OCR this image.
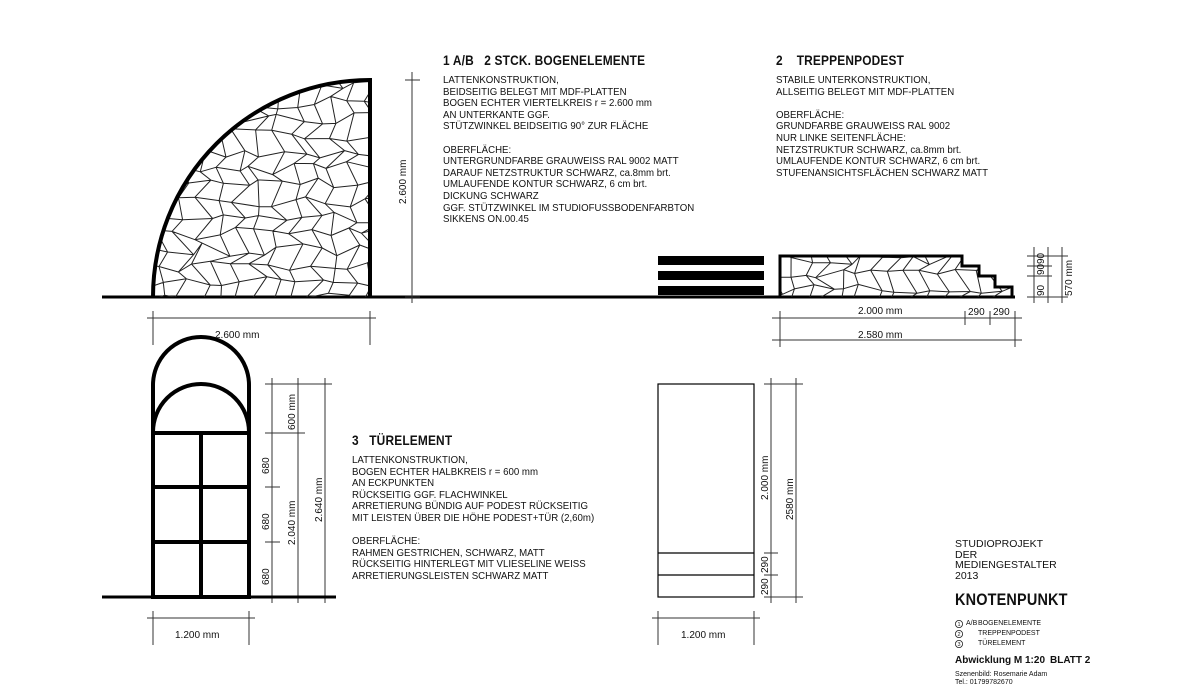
1
2
3
1 A/B 2 STCK. BOGENELEMENTE
LATTENKONSTRUKTION,
BEIDSEITIG BELEGT MIT MDF-PLATTEN
BOGEN ECHTER VIERTELKREIS r = 2.600 mm
AN UNTERKANTE GGF.
STÜTZWINKEL BEIDSEITIG 90° ZUR FLÄCHE
OBERFLÄCHE:
UNTERGRUNDFARBE GRAUWEISS RAL 9002 MATT
DARAUF NETZSTRUKTUR SCHWARZ, ca.8mm brt.
UMLAUFENDE KONTUR SCHWARZ, 6 cm brt.
DICKUNG SCHWARZ
GGF. STÜTZWINKEL IM STUDIOFUSSBODENFARBTON
SIKKENS ON.00.45
2 TREPPENPODEST
STABILE UNTERKONSTRUKTION,
ALLSEITIG BELEGT MIT MDF-PLATTEN
OBERFLÄCHE:
GRUNDFARBE GRAUWEISS RAL 9002
NUR LINKE SEITENFLÄCHE:
NETZSTRUKTUR SCHWARZ, ca.8mm brt.
UMLAUFENDE KONTUR SCHWARZ, 6 cm brt.
STUFENANSICHTSFLÄCHEN SCHWARZ MATT
3 TÜRELEMENT
LATTENKONSTRUKTION,
BOGEN ECHTER HALBKREIS r = 600 mm
AN ECKPUNKTEN
RÜCKSEITIG GGF. FLACHWINKEL
ARRETIERUNG BÜNDIG AUF PODEST RÜCKSEITIG
MIT LEISTEN ÜBER DIE HÖHE PODEST+TÜR (2,60m)
OBERFLÄCHE:
RAHMEN GESTRICHEN, SCHWARZ, MATT
RÜCKSEITIG HINTERLEGT MIT VLIESELINE WEISS
ARRETIERUNGSLEISTEN SCHWARZ MATT
2.600 mm
2.600 mm
2.000 mm	290 290
2.580 mm
90
90
90
570 mm
600 mm
680
680
680
2.040 mm
2.640 mm
1.200 mm
2.000 mm 2580 mm
290
290
1.200 mm
STUDIOPROJEKT
DER
MEDIENGESTALTER
2013
KNOTENPUNKT
A/BBOGENELEMENTE
TREPPENPODEST
TÜRELEMENT
Abwicklung M 1:20 BLATT 2
Szenenbild: Rosemarie Adam
Tel.: 01799782670
